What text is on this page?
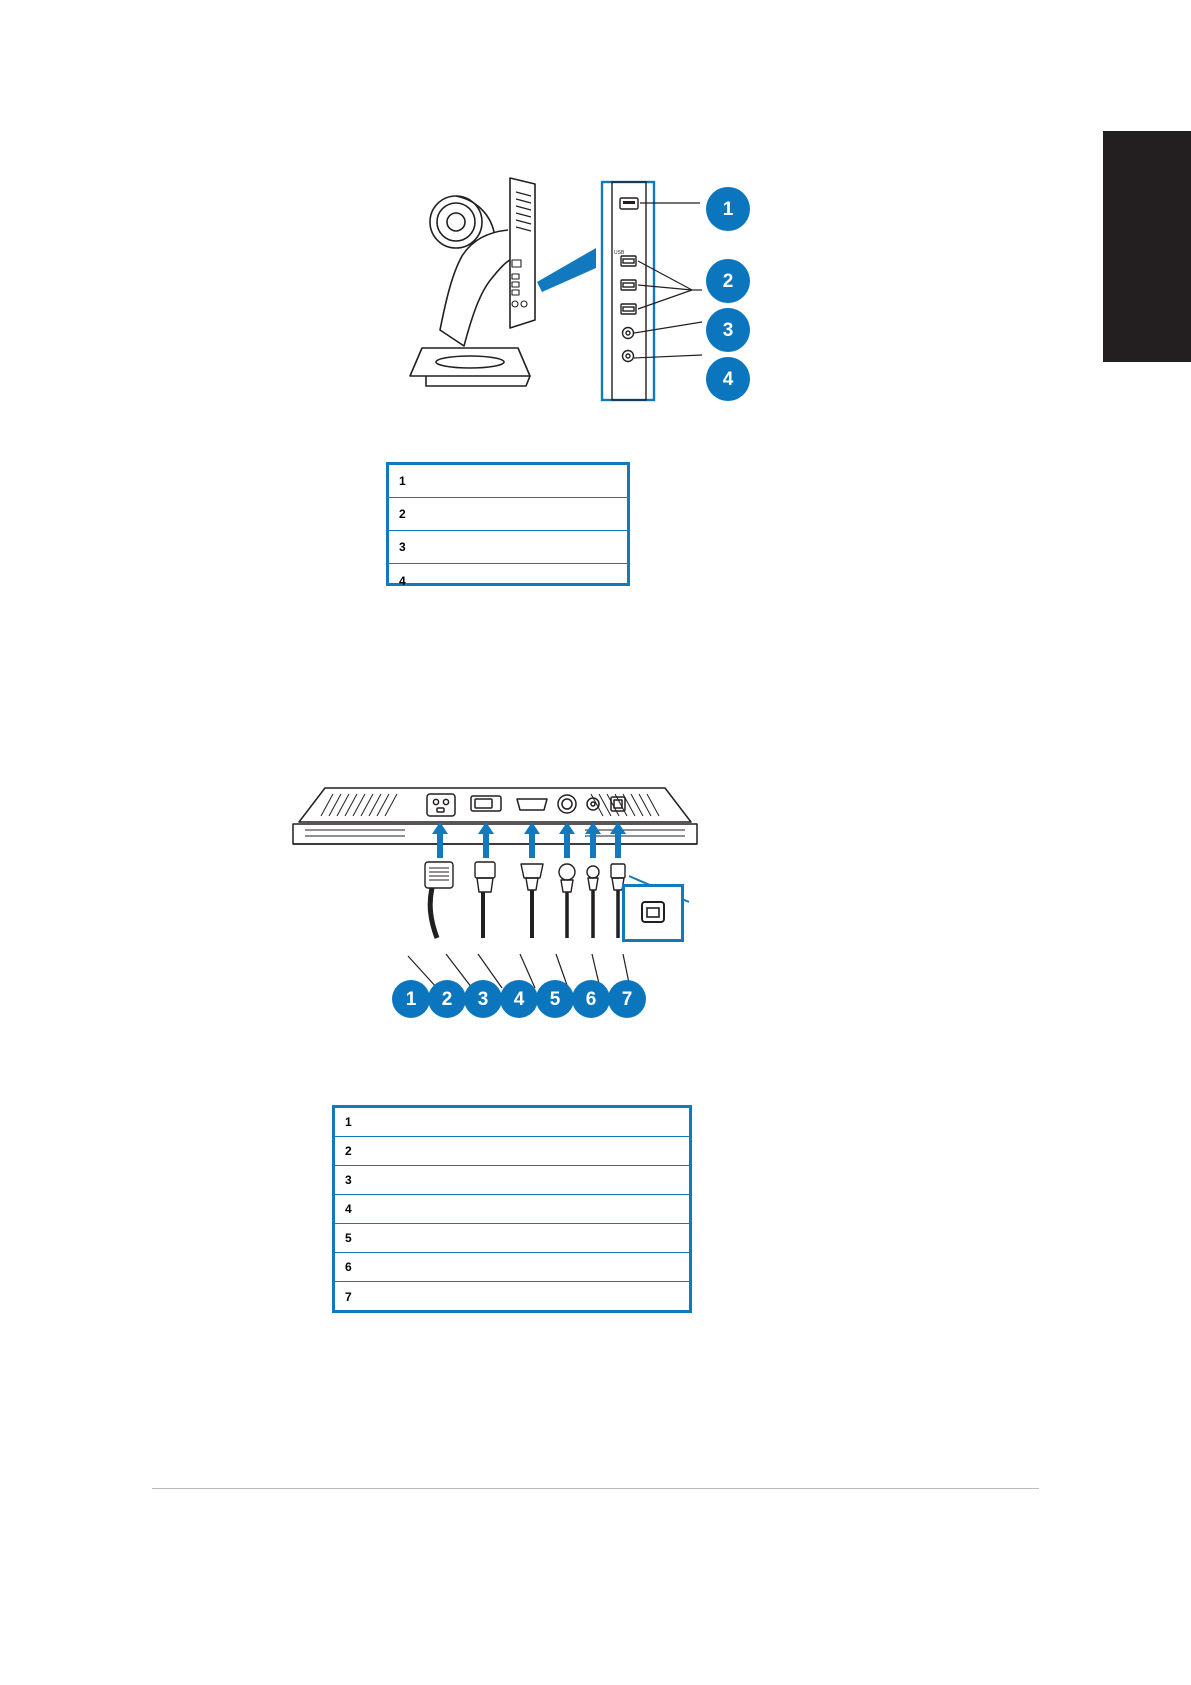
USB
1
2
3
4
1
2
3
4
1	2	3	4	5	6	7
1
2
3
4
5
6
7
